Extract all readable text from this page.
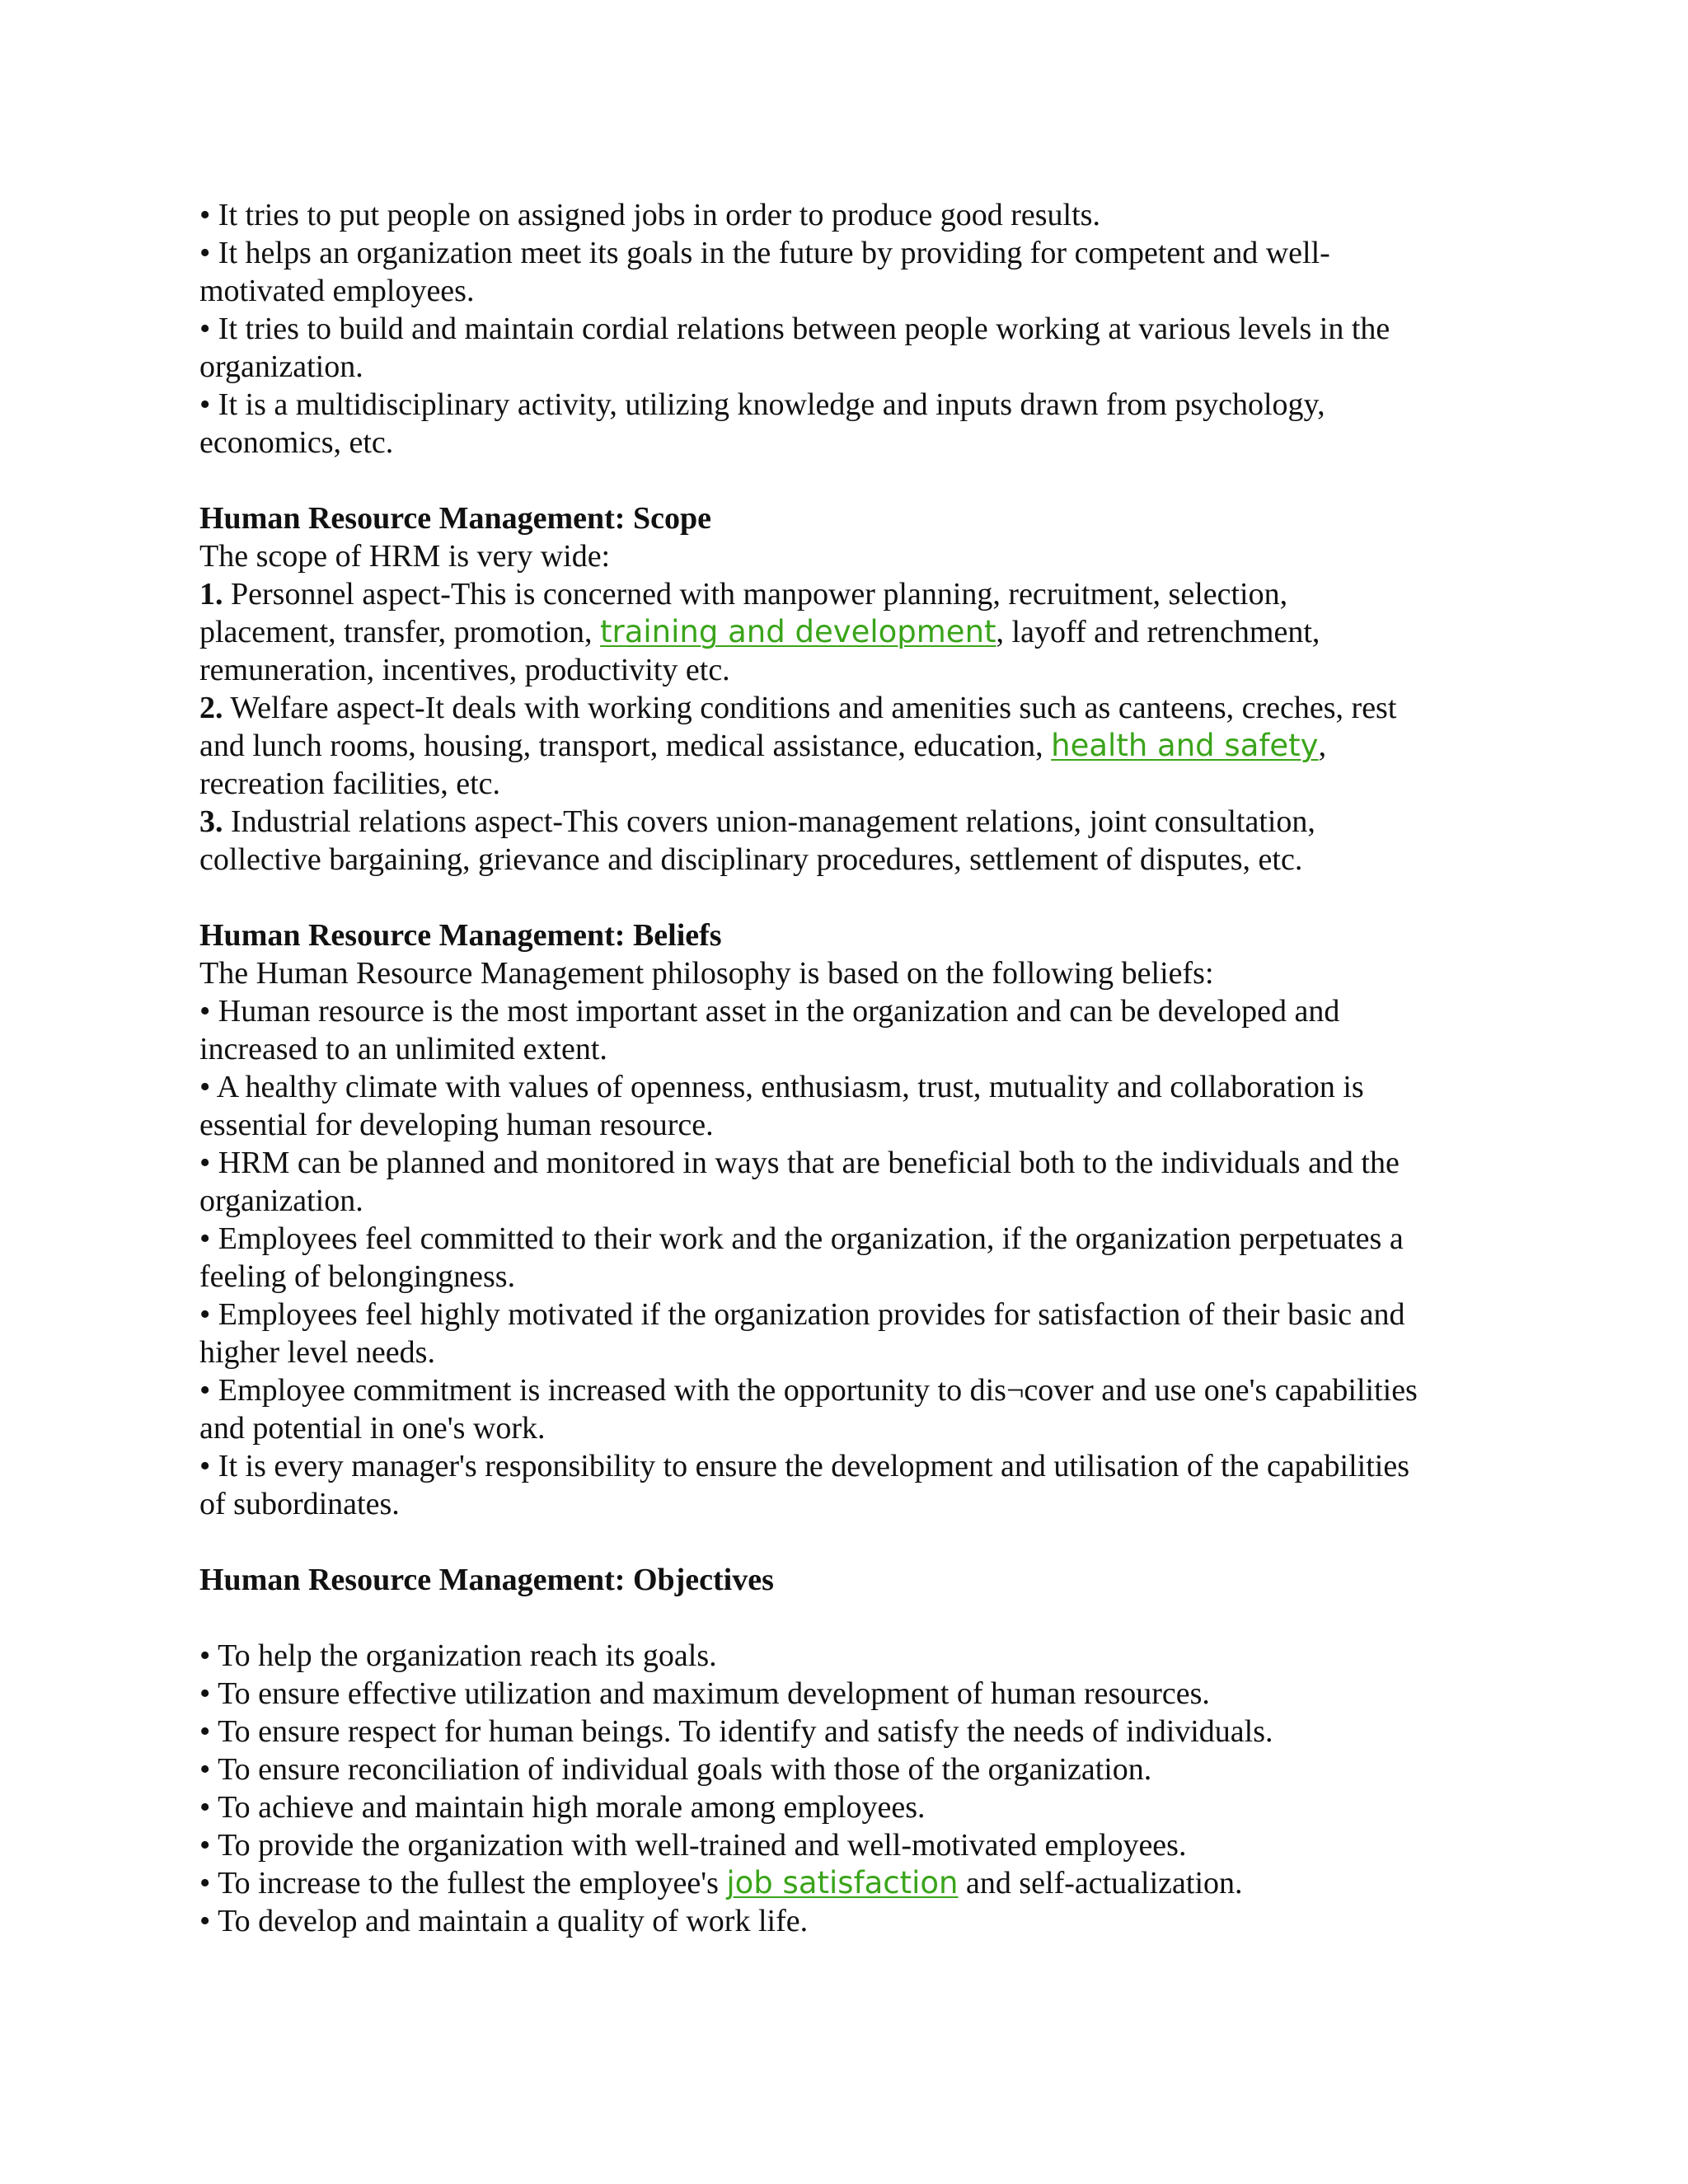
• It tries to put people on assigned jobs in order to produce good results.
• It helps an organization meet its goals in the future by providing for competent and well-
motivated employees.
• It tries to build and maintain cordial relations between people working at various levels in the
organization.
• It is a multidisciplinary activity, utilizing knowledge and inputs drawn from psychology,
economics, etc.
Human Resource Management: Scope
The scope of HRM is very wide:
1. Personnel aspect-This is concerned with manpower planning, recruitment, selection,
placement, transfer, promotion, training and development, layoff and retrenchment,
remuneration, incentives, productivity etc.
2. Welfare aspect-It deals with working conditions and amenities such as canteens, creches, rest
and lunch rooms, housing, transport, medical assistance, education, health and safety,
recreation facilities, etc.
3. Industrial relations aspect-This covers union-management relations, joint consultation,
collective bargaining, grievance and disciplinary procedures, settlement of disputes, etc.
Human Resource Management: Beliefs
The Human Resource Management philosophy is based on the following beliefs:
• Human resource is the most important asset in the organization and can be developed and
increased to an unlimited extent.
• A healthy climate with values of openness, enthusiasm, trust, mutuality and collaboration is
essential for developing human resource.
• HRM can be planned and monitored in ways that are beneficial both to the individuals and the
organization.
• Employees feel committed to their work and the organization, if the organization perpetuates a
feeling of belongingness.
• Employees feel highly motivated if the organization provides for satisfaction of their basic and
higher level needs.
• Employee commitment is increased with the opportunity to dis¬cover and use one's capabilities
and potential in one's work.
• It is every manager's responsibility to ensure the development and utilisation of the capabilities
of subordinates.
Human Resource Management: Objectives
• To help the organization reach its goals.
• To ensure effective utilization and maximum development of human resources.
• To ensure respect for human beings. To identify and satisfy the needs of individuals.
• To ensure reconciliation of individual goals with those of the organization.
• To achieve and maintain high morale among employees.
• To provide the organization with well-trained and well-motivated employees.
• To increase to the fullest the employee's job satisfaction and self-actualization.
• To develop and maintain a quality of work life.
